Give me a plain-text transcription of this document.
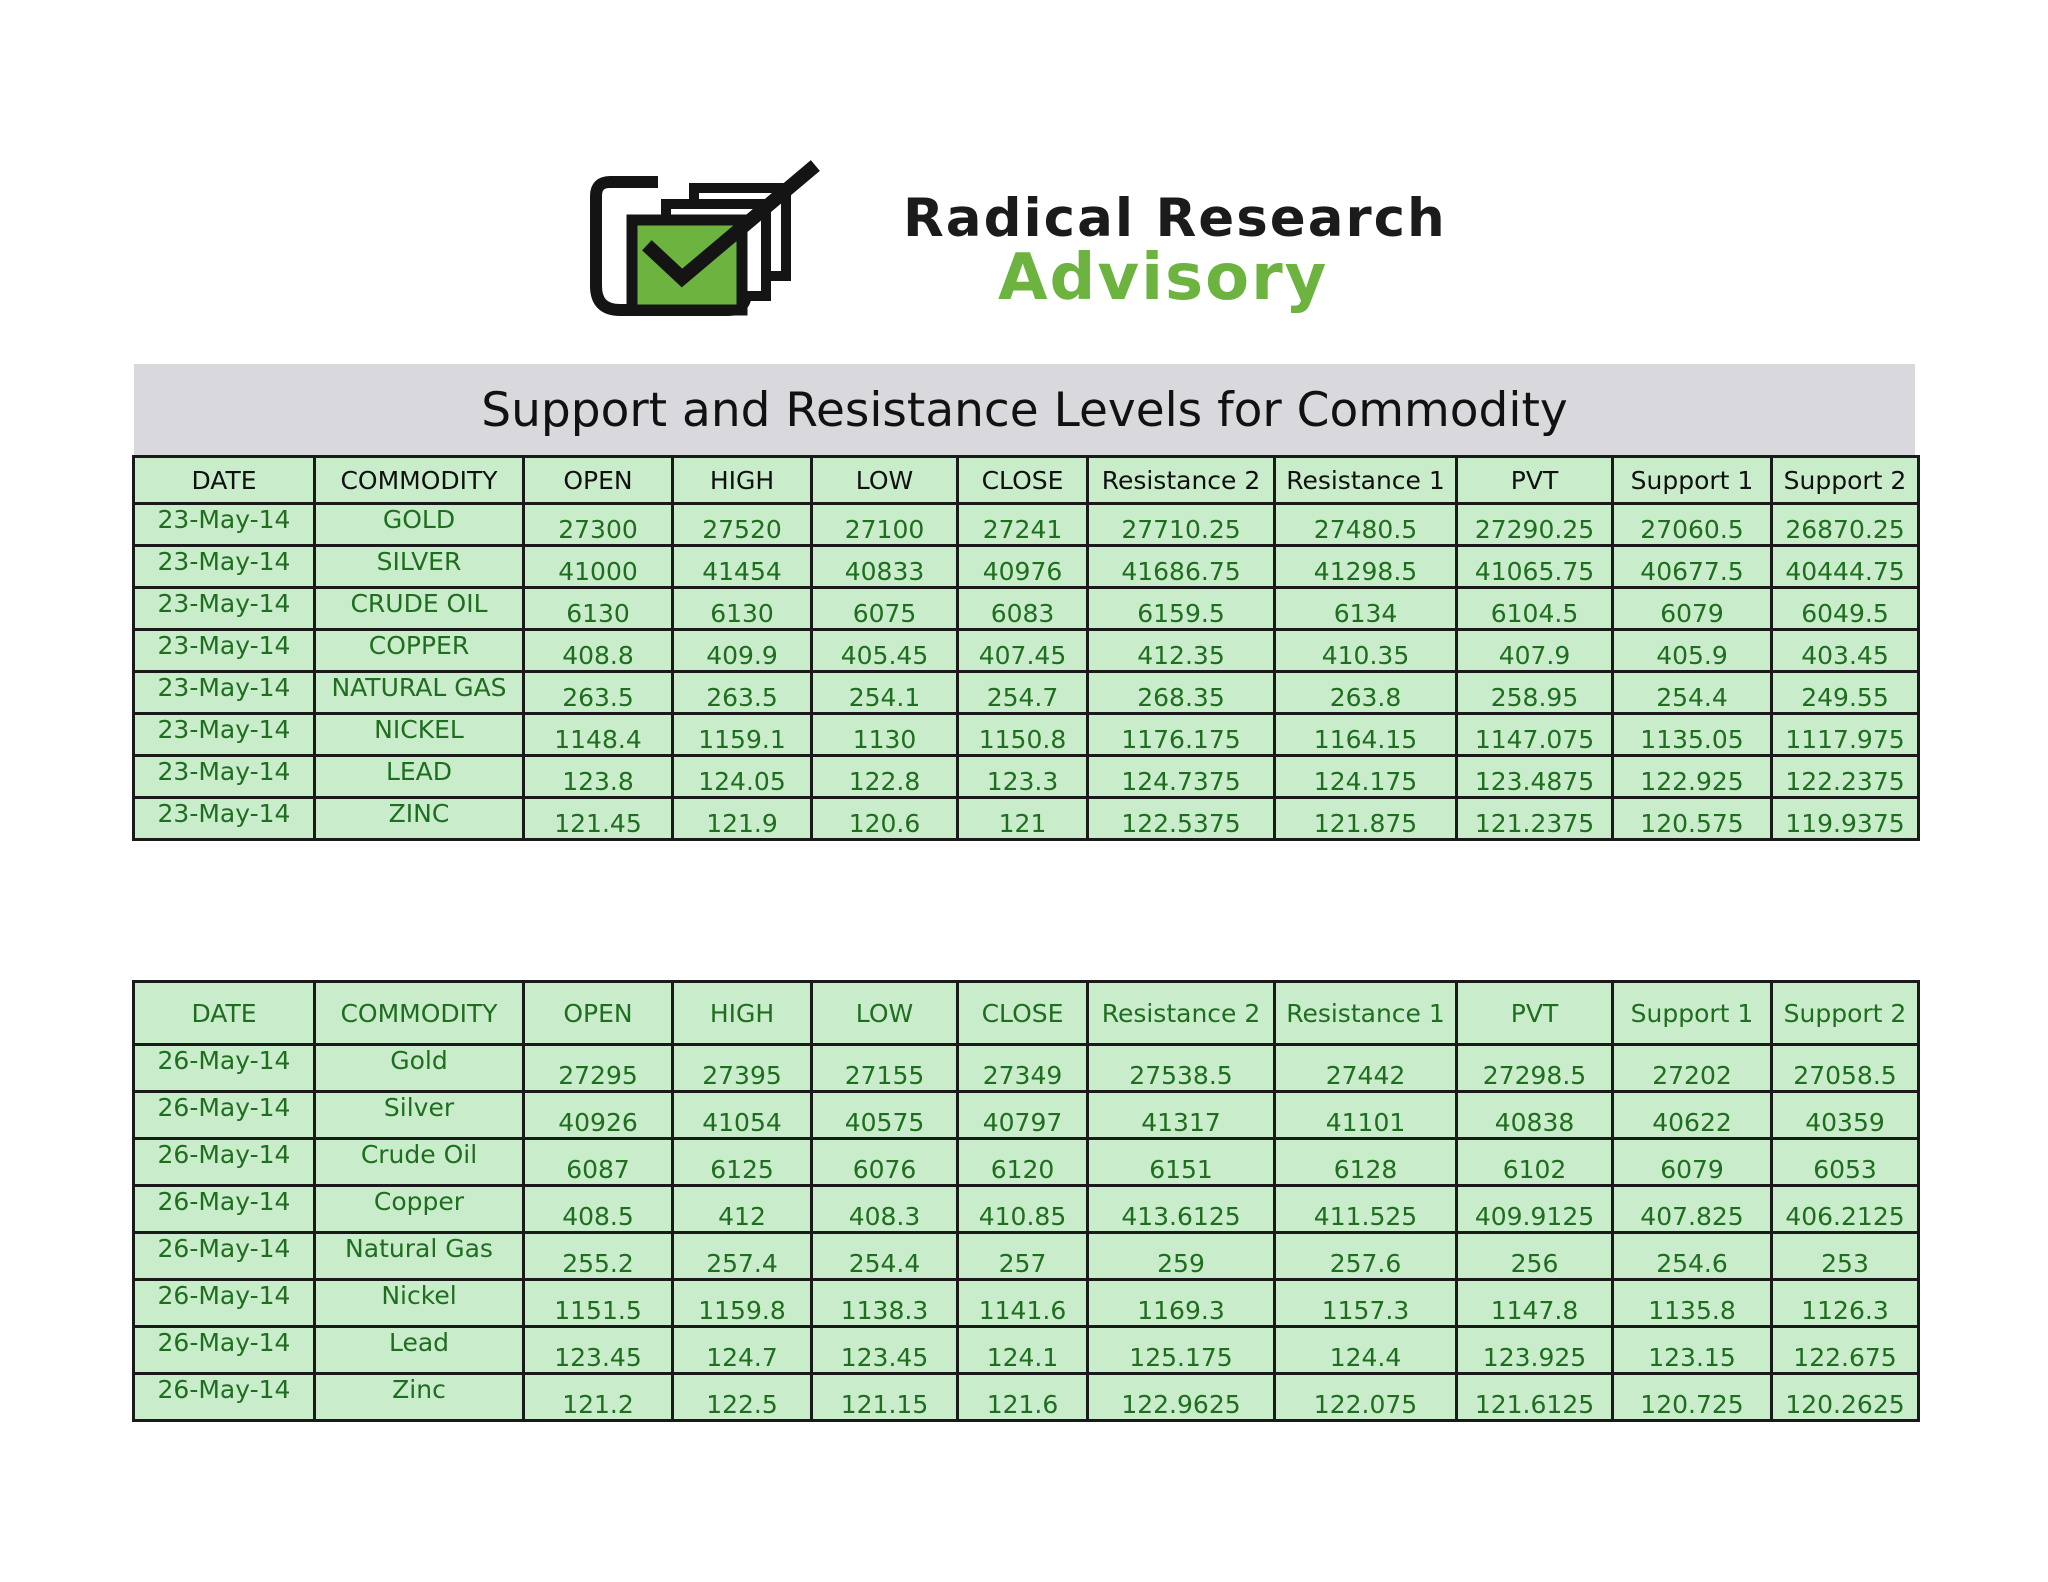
Radical Research
Advisory
Support and Resistance Levels for Commodity
DATE	COMMODITY	OPEN	HIGH	LOW	CLOSE	Resistance 2	Resistance 1	PVT	Support 1	Support 2
23-May-14	GOLD	27300	27520	27100	27241	27710.25	27480.5	27290.25	27060.5	26870.25
23-May-14	SILVER	41000	41454	40833	40976	41686.75	41298.5	41065.75	40677.5	40444.75
23-May-14	CRUDE OIL	6130	6130	6075	6083	6159.5	6134	6104.5	6079	6049.5
23-May-14	COPPER	408.8	409.9	405.45	407.45	412.35	410.35	407.9	405.9	403.45
23-May-14	NATURAL GAS	263.5	263.5	254.1	254.7	268.35	263.8	258.95	254.4	249.55
23-May-14	NICKEL	1148.4	1159.1	1130	1150.8	1176.175	1164.15	1147.075	1135.05	1117.975
23-May-14	LEAD	123.8	124.05	122.8	123.3	124.7375	124.175	123.4875	122.925	122.2375
23-May-14	ZINC	121.45	121.9	120.6	121	122.5375	121.875	121.2375	120.575	119.9375
DATE	COMMODITY	OPEN	HIGH	LOW	CLOSE	Resistance 2	Resistance 1	PVT	Support 1	Support 2
26-May-14	Gold	27295	27395	27155	27349	27538.5	27442	27298.5	27202	27058.5
26-May-14	Silver	40926	41054	40575	40797	41317	41101	40838	40622	40359
26-May-14	Crude Oil	6087	6125	6076	6120	6151	6128	6102	6079	6053
26-May-14	Copper	408.5	412	408.3	410.85	413.6125	411.525	409.9125	407.825	406.2125
26-May-14	Natural Gas	255.2	257.4	254.4	257	259	257.6	256	254.6	253
26-May-14	Nickel	1151.5	1159.8	1138.3	1141.6	1169.3	1157.3	1147.8	1135.8	1126.3
26-May-14	Lead	123.45	124.7	123.45	124.1	125.175	124.4	123.925	123.15	122.675
26-May-14	Zinc	121.2	122.5	121.15	121.6	122.9625	122.075	121.6125	120.725	120.2625
